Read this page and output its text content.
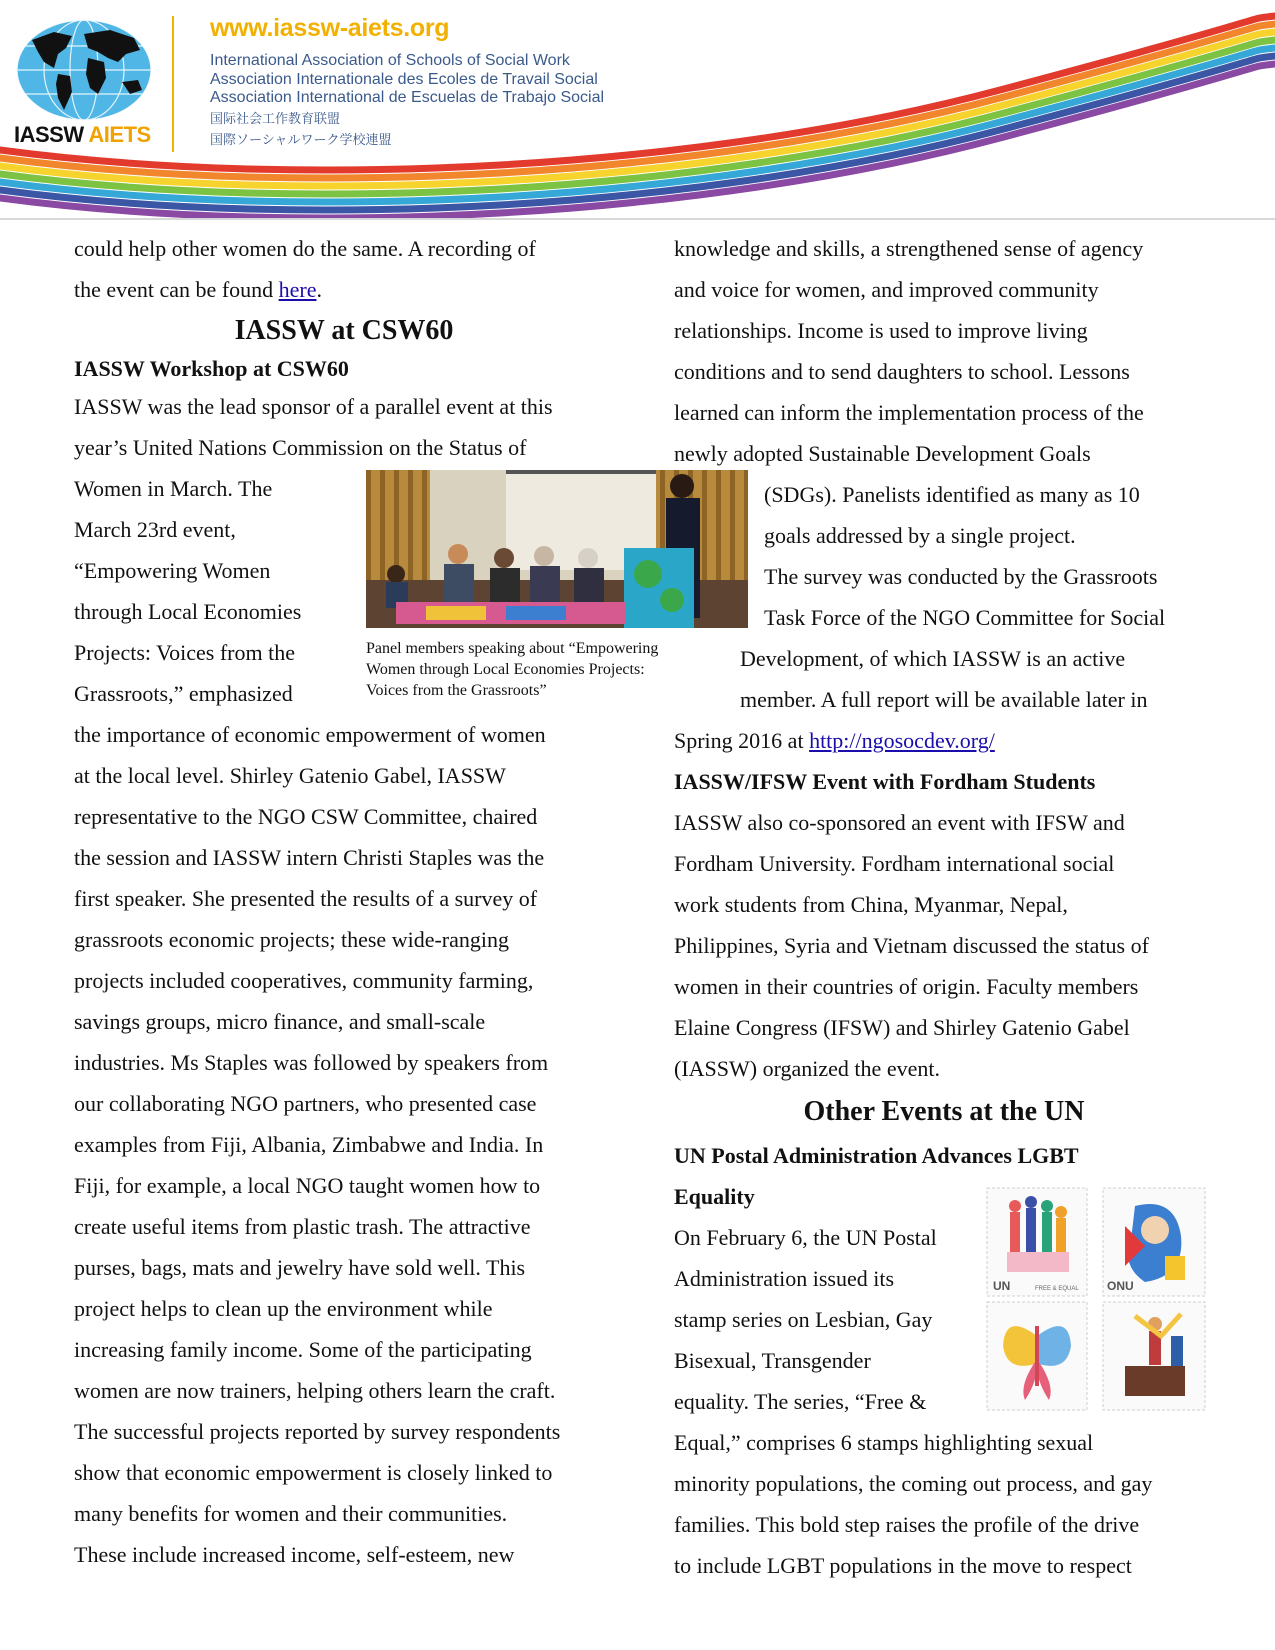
IASSW AIETS
www.iassw-aiets.org
International Association of Schools of Social Work
Association Internationale des Ecoles de Travail Social
Association International de Escuelas de Trabajo Social
国际社会工作教育联盟
国際ソーシャルワーク学校連盟
could help other women do the same. A recording of
the event can be found here.
IASSW at CSW60
IASSW Workshop at CSW60
IASSW was the lead sponsor of a parallel event at this
year’s United Nations Commission on the Status of
Women in March. The
March 23rd event,
“Empowering Women
through Local Economies
Projects: Voices from the
Grassroots,” emphasized
the importance of economic empowerment of women
at the local level. Shirley Gatenio Gabel, IASSW
representative to the NGO CSW Committee, chaired
the session and IASSW intern Christi Staples was the
first speaker. She presented the results of a survey of
grassroots economic projects; these wide-ranging
projects included cooperatives, community farming,
savings groups, micro finance, and small-scale
industries. Ms Staples was followed by speakers from
our collaborating NGO partners, who presented case
examples from Fiji, Albania, Zimbabwe and India. In
Fiji, for example, a local NGO taught women how to
create useful items from plastic trash. The attractive
purses, bags, mats and jewelry have sold well. This
project helps to clean up the environment while
increasing family income. Some of the participating
women are now trainers, helping others learn the craft.
The successful projects reported by survey respondents
show that economic empowerment is closely linked to
many benefits for women and their communities.
These include increased income, self-esteem, new
Panel members speaking about “Empowering
Women through Local Economies Projects:
Voices from the Grassroots”
knowledge and skills, a strengthened sense of agency
and voice for women, and improved community
relationships. Income is used to improve living
conditions and to send daughters to school. Lessons
learned can inform the implementation process of the
newly adopted Sustainable Development Goals
(SDGs). Panelists identified as many as 10
goals addressed by a single project.
The survey was conducted by the Grassroots
Task Force of the NGO Committee for Social
Development, of which IASSW is an active
member. A full report will be available later in
Spring 2016 at http://ngosocdev.org/
IASSW/IFSW Event with Fordham Students
IASSW also co-sponsored an event with IFSW and
Fordham University. Fordham international social
work students from China, Myanmar, Nepal,
Philippines, Syria and Vietnam discussed the status of
women in their countries of origin. Faculty members
Elaine Congress (IFSW) and Shirley Gatenio Gabel
(IASSW) organized the event.
Other Events at the UN
UN Postal Administration Advances LGBT
Equality
On February 6, the UN Postal
Administration issued its
stamp series on Lesbian, Gay
Bisexual, Transgender
equality. The series, “Free &
Equal,” comprises 6 stamps highlighting sexual
minority populations, the coming out process, and gay
families. This bold step raises the profile of the drive
to include LGBT populations in the move to respect
UN	ONU
FREE & EQUAL
